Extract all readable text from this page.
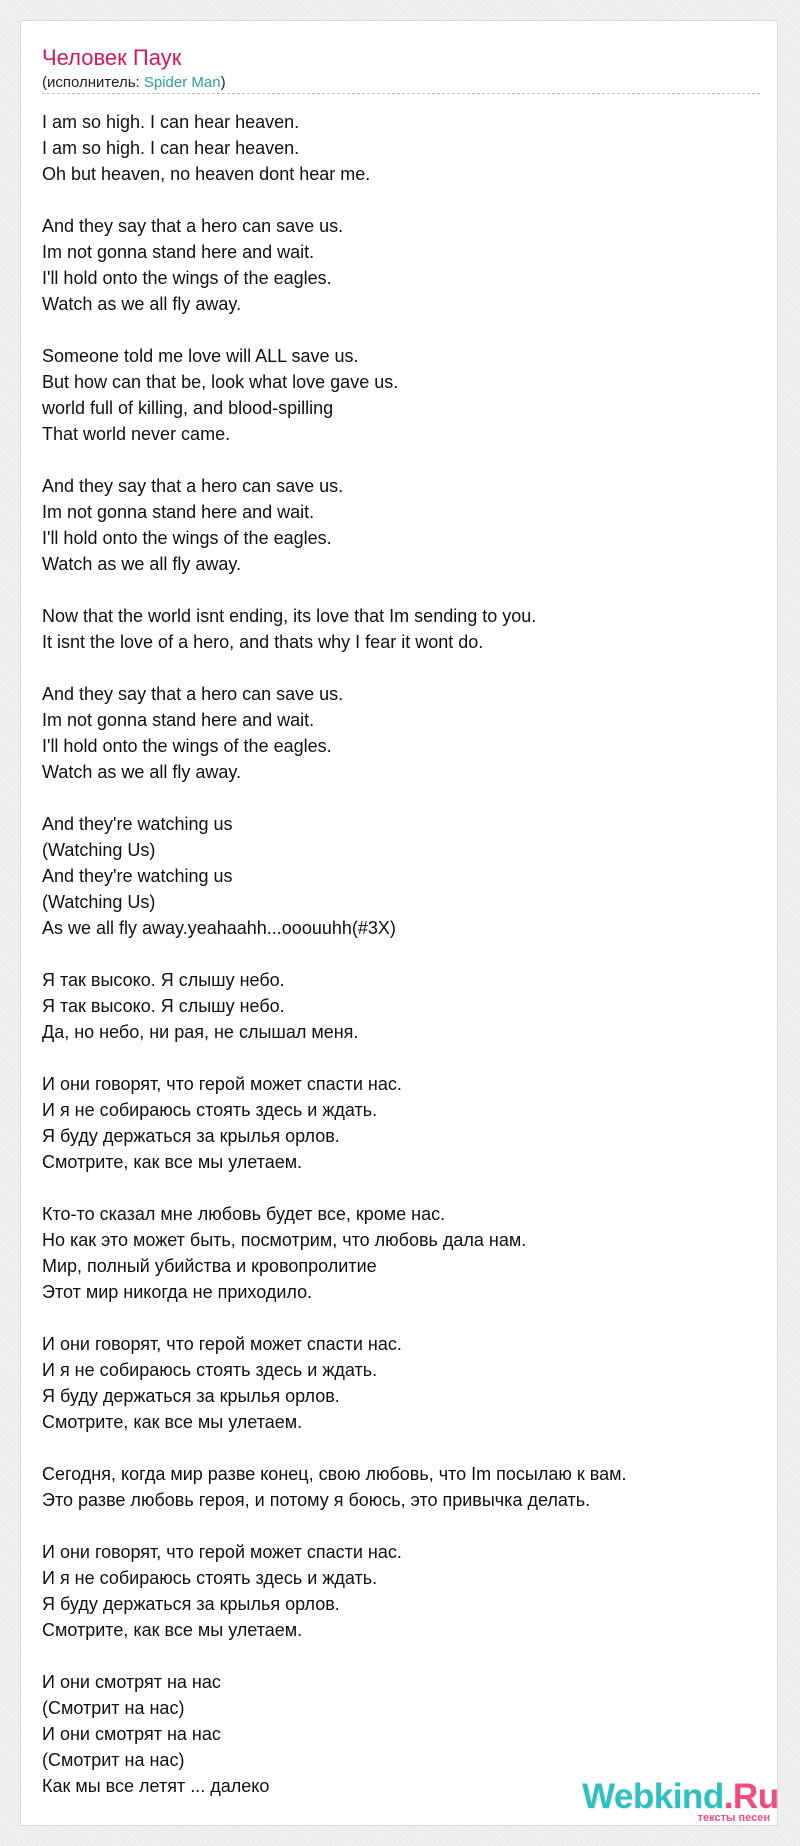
Человек Паук
(исполнитель: Spider Man)
I am so high. I can hear heaven.
I am so high. I can hear heaven.
Oh but heaven, no heaven dont hear me.
And they say that a hero can save us.
Im not gonna stand here and wait.
I'll hold onto the wings of the eagles.
Watch as we all fly away.
Someone told me love will ALL save us.
But how can that be, look what love gave us.
world full of killing, and blood-spilling
That world never came.
And they say that a hero can save us.
Im not gonna stand here and wait.
I'll hold onto the wings of the eagles.
Watch as we all fly away.
Now that the world isnt ending, its love that Im sending to you.
It isnt the love of a hero, and thats why I fear it wont do.
And they say that a hero can save us.
Im not gonna stand here and wait.
I'll hold onto the wings of the eagles.
Watch as we all fly away.
And they're watching us
(Watching Us)
And they're watching us
(Watching Us)
As we all fly away.yeahaahh...ooouuhh(#3X)
Я так высоко. Я слышу небо.
Я так высоко. Я слышу небо.
Да, но небо, ни рая, не слышал меня.
И они говорят, что герой может спасти нас.
И я не собираюсь стоять здесь и ждать.
Я буду держаться за крылья орлов.
Смотрите, как все мы улетаем.
Кто-то сказал мне любовь будет все, кроме нас.
Но как это может быть, посмотрим, что любовь дала нам.
Мир, полный убийства и кровопролитие
Этот мир никогда не приходило.
И они говорят, что герой может спасти нас.
И я не собираюсь стоять здесь и ждать.
Я буду держаться за крылья орлов.
Смотрите, как все мы улетаем.
Сегодня, когда мир разве конец, свою любовь, что Im посылаю к вам.
Это разве любовь героя, и потому я боюсь, это привычка делать.
И они говорят, что герой может спасти нас.
И я не собираюсь стоять здесь и ждать.
Я буду держаться за крылья орлов.
Смотрите, как все мы улетаем.
И они смотрят на нас
(Смотрит на нас)
И они смотрят на нас
(Смотрит на нас)
Как мы все летят ... далеко	Webkind.Ru
тексты песен
